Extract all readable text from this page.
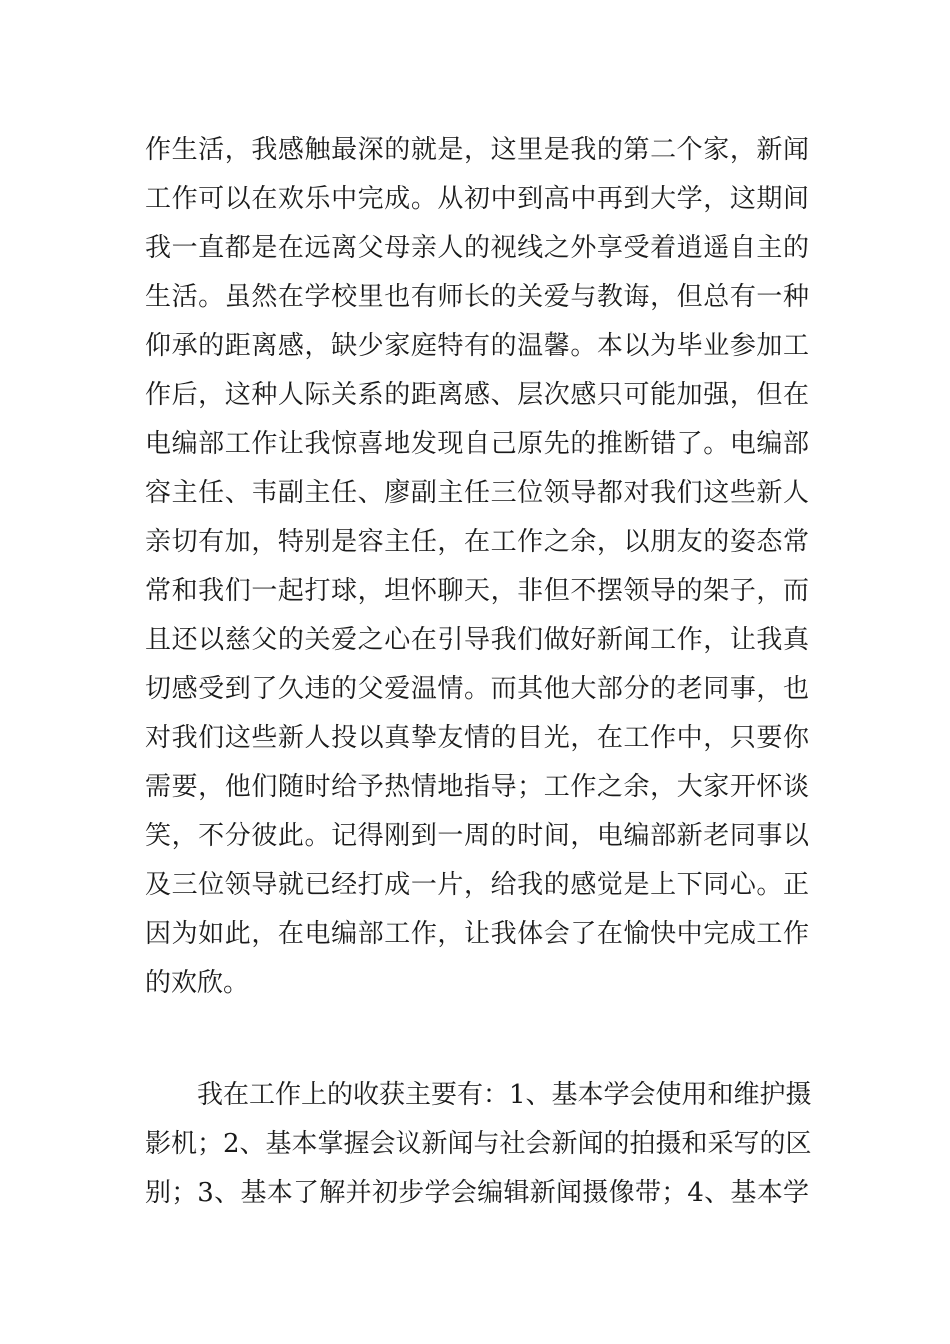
作生活，我感触最深的就是，这里是我的第二个家，新闻
工作可以在欢乐中完成。从初中到高中再到大学，这期间
我一直都是在远离父母亲人的视线之外享受着逍遥自主的
生活。虽然在学校里也有师长的关爱与教诲，但总有一种
仰承的距离感，缺少家庭特有的温馨。本以为毕业参加工
作后，这种人际关系的距离感、层次感只可能加强，但在
电编部工作让我惊喜地发现自己原先的推断错了。电编部
容主任、韦副主任、廖副主任三位领导都对我们这些新人
亲切有加，特别是容主任，在工作之余，以朋友的姿态常
常和我们一起打球，坦怀聊天，非但不摆领导的架子，而
且还以慈父的关爱之心在引导我们做好新闻工作，让我真
切感受到了久违的父爱温情。而其他大部分的老同事，也
对我们这些新人投以真挚友情的目光，在工作中，只要你
需要，他们随时给予热情地指导；工作之余，大家开怀谈
笑，不分彼此。记得刚到一周的时间，电编部新老同事以
及三位领导就已经打成一片，给我的感觉是上下同心。正
因为如此，在电编部工作，让我体会了在愉快中完成工作
的欢欣。
我在工作上的收获主要有：1、基本学会使用和维护摄
影机；2、基本掌握会议新闻与社会新闻的拍摄和采写的区
别；3、基本了解并初步学会编辑新闻摄像带；4、基本学
